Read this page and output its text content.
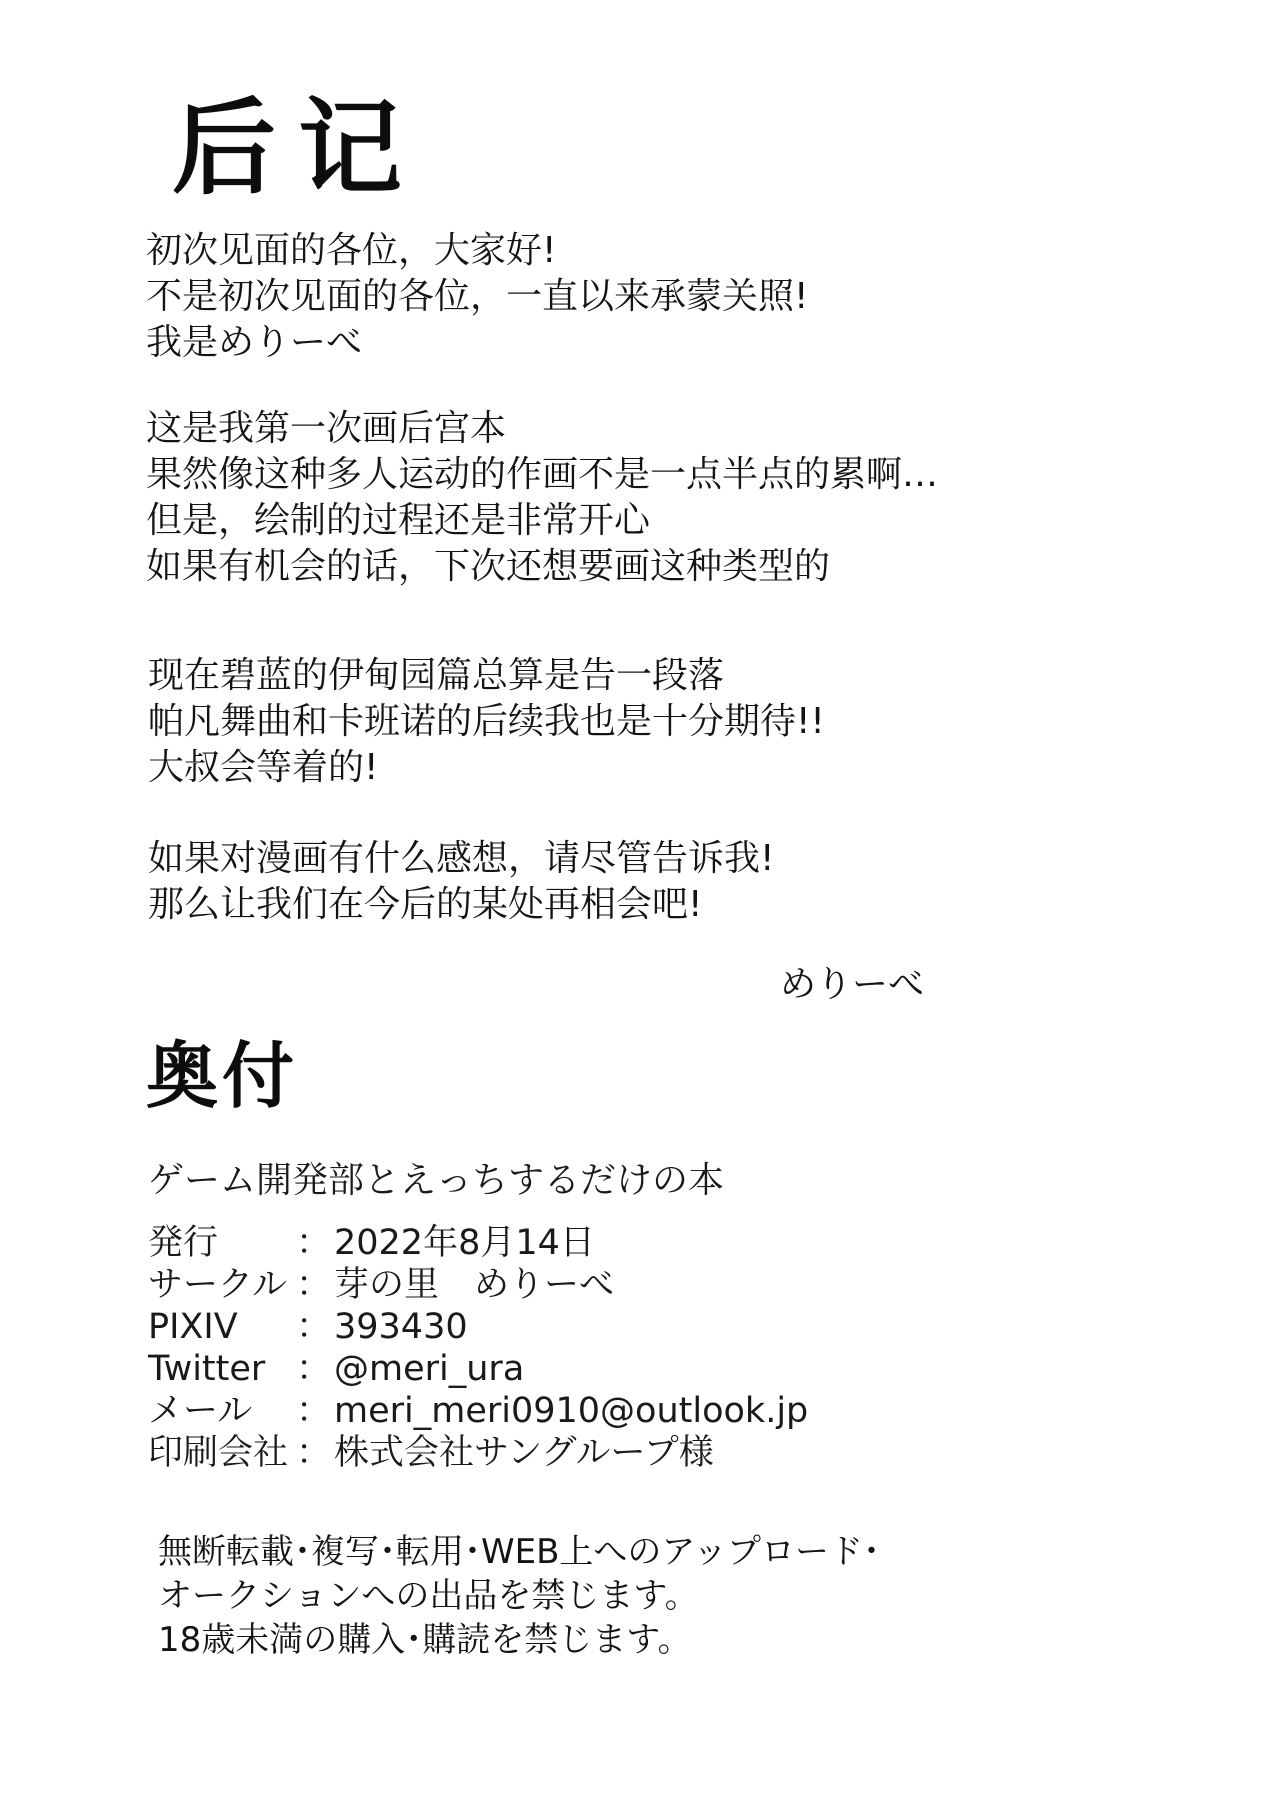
后记
初次见面的各位，大家好!
不是初次见面的各位，一直以来承蒙关照!
我是めりーべ
这是我第一次画后宫本
果然像这种多人运动的作画不是一点半点的累啊…
但是，绘制的过程还是非常开心
如果有机会的话，下次还想要画这种类型的
现在碧蓝的伊甸园篇总算是告一段落
帕凡舞曲和卡班诺的后续我也是十分期待!!
大叔会等着的!
如果对漫画有什么感想，请尽管告诉我!
那么让我们在今后的某处再相会吧!
めりーべ
奥付
ゲーム開発部とえっちするだけの本
発行	： 2022年8月14日
サークル ： 芽の里　めりーべ
PIXIV	： 393430
Twitter ： @meri_ura
メール	： meri_meri0910@outlook.jp
印刷会社 ： 株式会社サングループ様
無断転載･複写･転用･WEB上へのアップロード･
オークションへの出品を禁じます。
18歳未満の購入･購読を禁じます。
